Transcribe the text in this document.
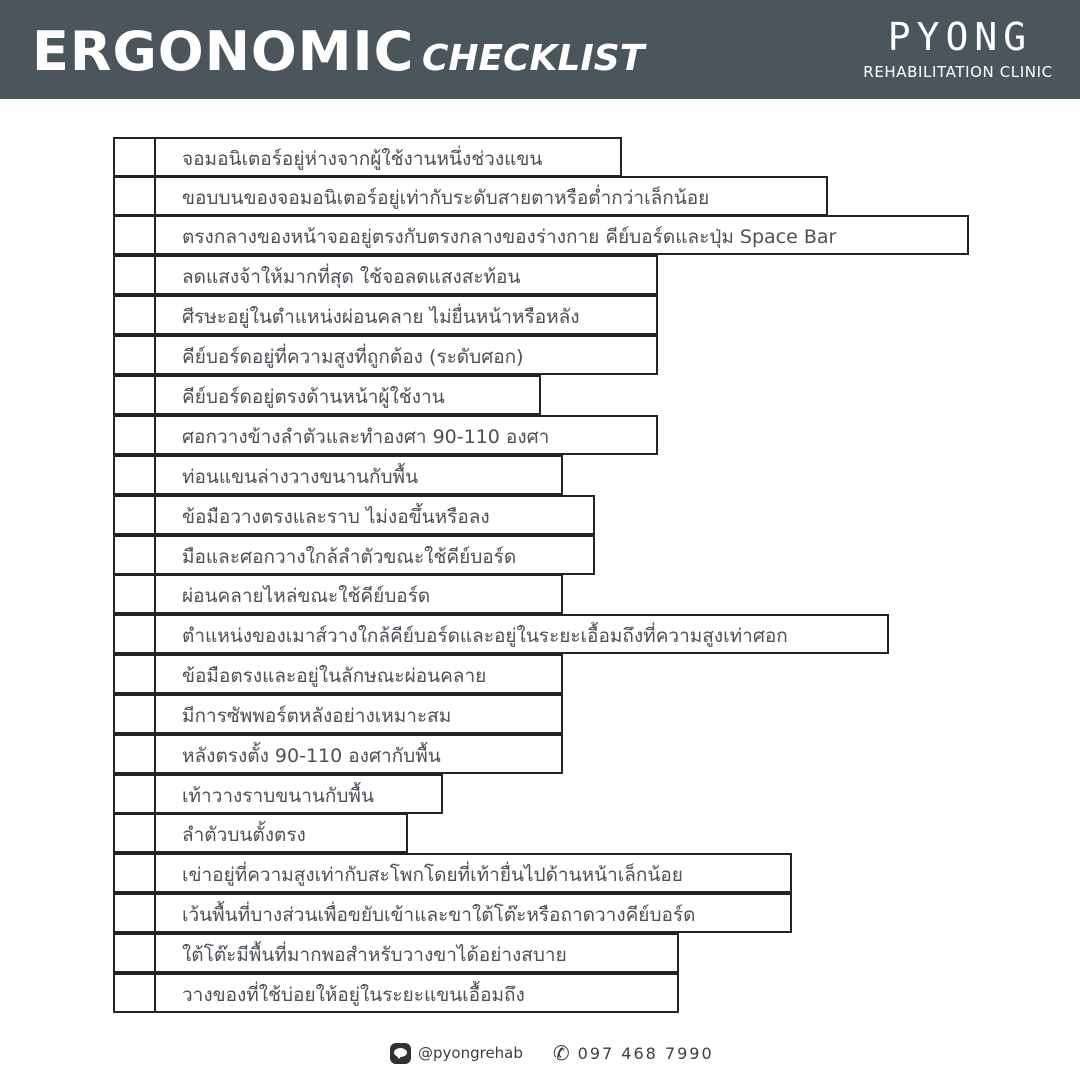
ERGONOMIC CHECKLIST	PYONG
REHABILITATION CLINIC
จอมอนิเตอร์อยู่ห่างจากผู้ใช้งานหนึ่งช่วงแขน
ขอบบนของจอมอนิเตอร์อยู่เท่ากับระดับสายตาหรือต่ำกว่าเล็กน้อย
ตรงกลางของหน้าจออยู่ตรงกับตรงกลางของร่างกาย คีย์บอร์ดและปุ่ม Space Bar
ลดแสงจ้าให้มากที่สุด ใช้จอลดแสงสะท้อน
ศีรษะอยู่ในตำแหน่งผ่อนคลาย ไม่ยื่นหน้าหรือหลัง
คีย์บอร์ดอยู่ที่ความสูงที่ถูกต้อง (ระดับศอก)
คีย์บอร์ดอยู่ตรงด้านหน้าผู้ใช้งาน
ศอกวางข้างลำตัวและทำองศา 90-110 องศา
ท่อนแขนล่างวางขนานกับพื้น
ข้อมือวางตรงและราบ ไม่งอขึ้นหรือลง
มือและศอกวางใกล้ลำตัวขณะใช้คีย์บอร์ด
ผ่อนคลายไหล่ขณะใช้คีย์บอร์ด
ตำแหน่งของเมาส์วางใกล้คีย์บอร์ดและอยู่ในระยะเอื้อมถึงที่ความสูงเท่าศอก
ข้อมือตรงและอยู่ในลักษณะผ่อนคลาย
มีการซัพพอร์ตหลังอย่างเหมาะสม
หลังตรงตั้ง 90-110 องศากับพื้น
เท้าวางราบขนานกับพื้น
ลำตัวบนตั้งตรง
เข่าอยู่ที่ความสูงเท่ากับสะโพกโดยที่เท้ายื่นไปด้านหน้าเล็กน้อย
เว้นพื้นที่บางส่วนเพื่อขยับเข้าและขาใต้โต๊ะหรือถาดวางคีย์บอร์ด
ใต้โต๊ะมีพื้นที่มากพอสำหรับวางขาได้อย่างสบาย
วางของที่ใช้บ่อยให้อยู่ในระยะแขนเอื้อมถึง
@pyongrehab ✆ 097 468 7990
